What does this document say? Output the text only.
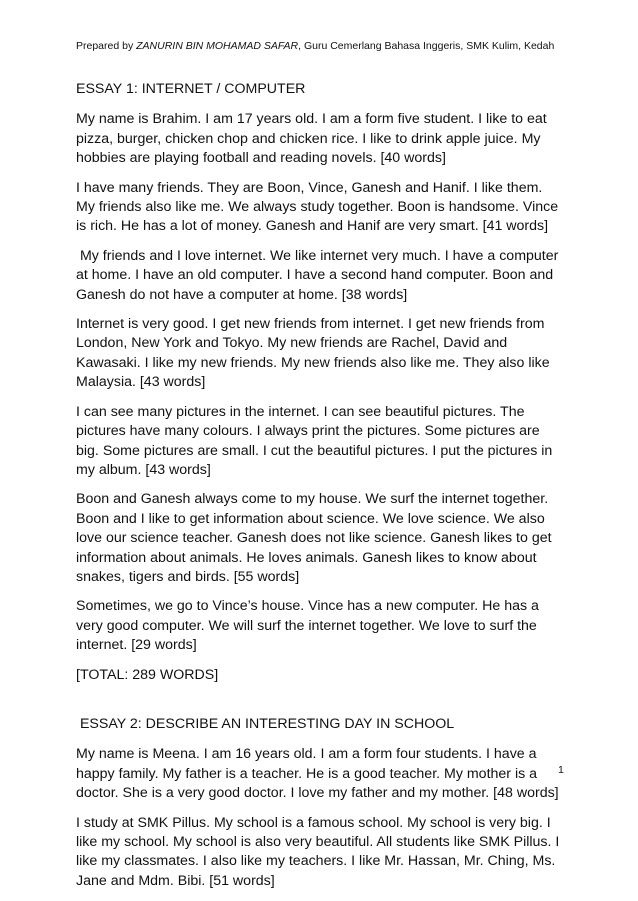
Prepared by ZANURIN BIN MOHAMAD SAFAR, Guru Cemerlang Bahasa Inggeris, SMK Kulim, Kedah

ESSAY 1: INTERNET / COMPUTER

My name is Brahim. I am 17 years old. I am a form five student. I like to eat pizza, burger, chicken chop and chicken rice. I like to drink apple juice. My hobbies are playing football and reading novels. [40 words]

I have many friends. They are Boon, Vince, Ganesh and Hanif. I like them. My friends also like me. We always study together. Boon is handsome. Vince is rich. He has a lot of money. Ganesh and Hanif are very smart. [41 words]

My friends and I love internet. We like internet very much. I have a computer at home. I have an old computer. I have a second hand computer. Boon and Ganesh do not have a computer at home. [38 words]

Internet is very good. I get new friends from internet. I get new friends from London, New York and Tokyo. My new friends are Rachel, David and Kawasaki. I like my new friends. My new friends also like me. They also like Malaysia. [43 words]

I can see many pictures in the internet. I can see beautiful pictures. The pictures have many colours. I always print the pictures. Some pictures are big. Some pictures are small. I cut the beautiful pictures. I put the pictures in my album. [43 words]

Boon and Ganesh always come to my house. We surf the internet together. Boon and I like to get information about science. We love science. We also love our science teacher. Ganesh does not like science. Ganesh likes to get information about animals. He loves animals. Ganesh likes to know about snakes, tigers and birds. [55 words]

Sometimes, we go to Vince’s house. Vince has a new computer. He has a very good computer. We will surf the internet together. We love to surf the internet. [29 words]

[TOTAL: 289 WORDS]

ESSAY 2: DESCRIBE AN INTERESTING DAY IN SCHOOL

My name is Meena. I am 16 years old. I am a form four students. I have a happy family. My father is a teacher. He is a good teacher. My mother is a doctor. She is a very good doctor. I love my father and my mother. [48 words]

I study at SMK Pillus. My school is a famous school. My school is very big. I like my school. My school is also very beautiful. All students like SMK Pillus. I like my classmates. I also like my teachers. I like Mr. Hassan, Mr. Ching, Ms. Jane and Mdm. Bibi. [51 words]

1
